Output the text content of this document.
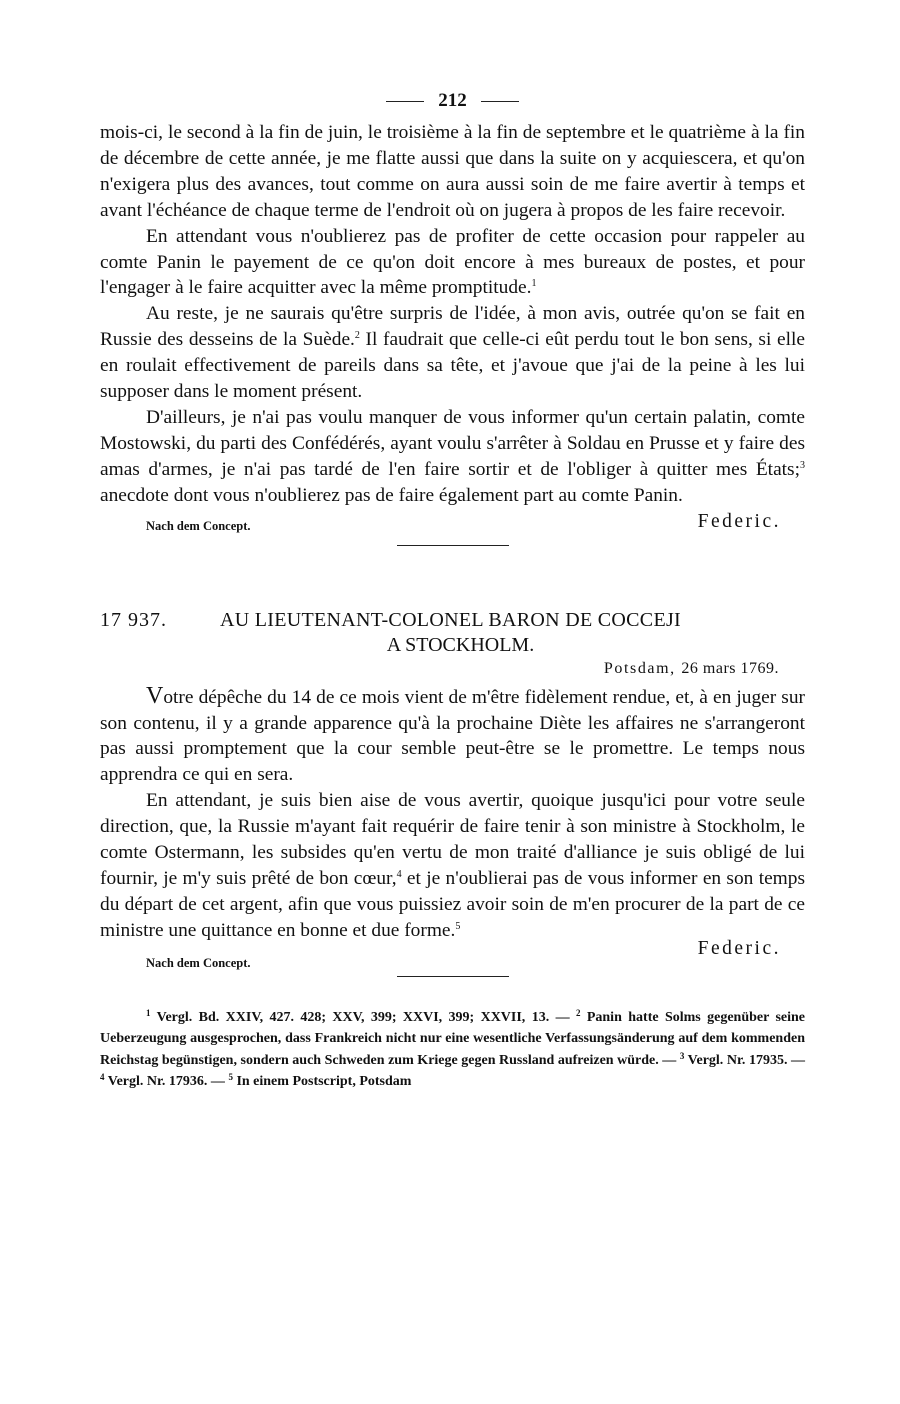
212

mois-ci, le second à la fin de juin, le troisième à la fin de septembre et le quatrième à la fin de décembre de cette année, je me flatte aussi que dans la suite on y acquiescera, et qu'on n'exigera plus des avances, tout comme on aura aussi soin de me faire avertir à temps et avant l'échéance de chaque terme de l'endroit où on jugera à propos de les faire recevoir.

En attendant vous n'oublierez pas de profiter de cette occasion pour rappeler au comte Panin le payement de ce qu'on doit encore à mes bureaux de postes, et pour l'engager à le faire acquitter avec la même promptitude.$^1$

Au reste, je ne saurais qu'être surpris de l'idée, à mon avis, outrée qu'on se fait en Russie des desseins de la Suède.$^2$ Il faudrait que celle-ci eût perdu tout le bon sens, si elle en roulait effectivement de pareils dans sa tête, et j'avoue que j'ai de la peine à les lui supposer dans le moment présent.

D'ailleurs, je n'ai pas voulu manquer de vous informer qu'un certain palatin, comte Mostowski, du parti des Confédérés, ayant voulu s'arrêter à Soldau en Prusse et y faire des amas d'armes, je n'ai pas tardé de l'en faire sortir et de l'obliger à quitter mes États;$^3$ anecdote dont vous n'oublierez pas de faire également part au comte Panin.

Nach dem Concept.	Federic.
17 937.	AU LIEUTENANT-COLONEL BARON DE COCCEJI
A STOCKHOLM.
Potsdam, 26 mars 1769.

Votre dépêche du 14 de ce mois vient de m'être fidèlement rendue, et, à en juger sur son contenu, il y a grande apparence qu'à la prochaine Diète les affaires ne s'arrangeront pas aussi promptement que la cour semble peut-être se le promettre. Le temps nous apprendra ce qui en sera.

En attendant, je suis bien aise de vous avertir, quoique jusqu'ici pour votre seule direction, que, la Russie m'ayant fait requérir de faire tenir à son ministre à Stockholm, le comte Ostermann, les subsides qu'en vertu de mon traité d'alliance je suis obligé de lui fournir, je m'y suis prêté de bon cœur,$^4$ et je n'oublierai pas de vous informer en son temps du départ de cet argent, afin que vous puissiez avoir soin de m'en procurer de la part de ce ministre une quittance en bonne et due forme.$^5$

Nach dem Concept.
Federic.
$^1$ Vergl. Bd. XXIV, 427. 428; XXV, 399; XXVI, 399; XXVII, 13. — $^2$ Panin hatte Solms gegenüber seine Ueberzeugung ausgesprochen, dass Frankreich nicht nur eine wesentliche Verfassungsänderung auf dem kommenden Reichstag begünstigen, sondern auch Schweden zum Kriege gegen Russland aufreizen würde. — $^3$ Vergl. Nr. 17935. — $^4$ Vergl. Nr. 17936. — $^5$ In einem Postscript, Potsdam
